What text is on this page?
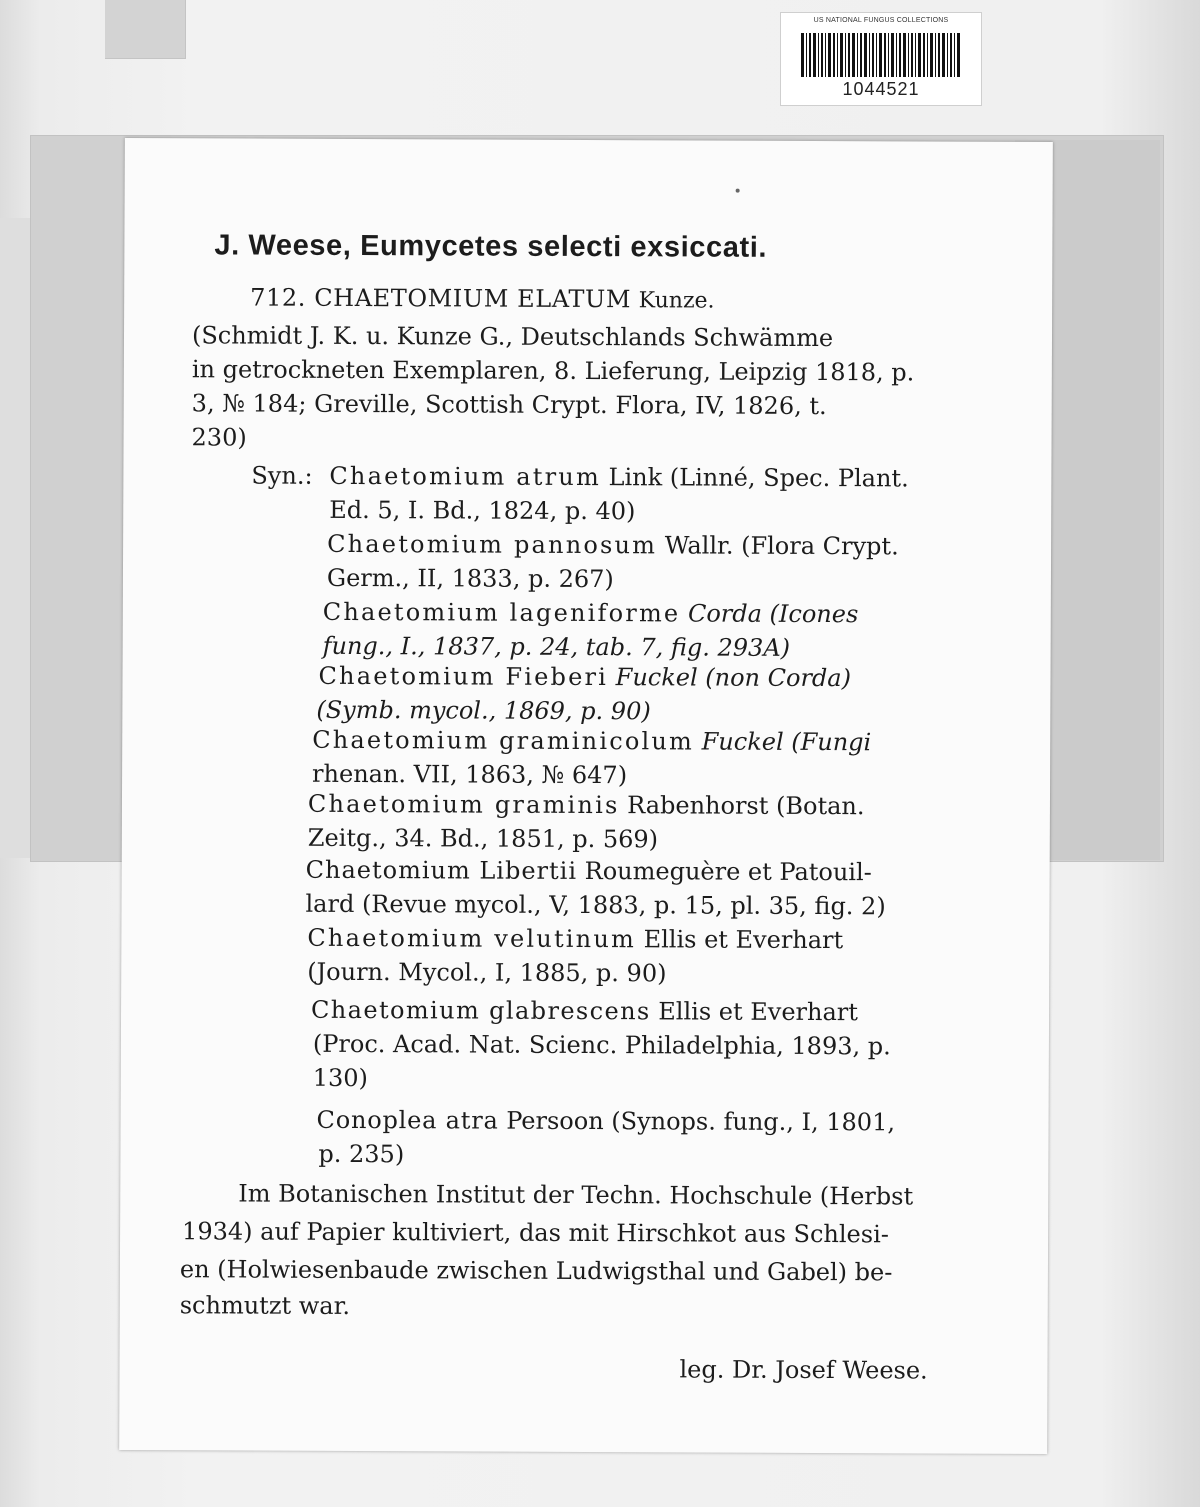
US NATIONAL FUNGUS COLLECTIONS
1044521
J. Weese, Eumycetes selecti exsiccati.
712. CHAETOMIUM ELATUM Kunze.
(Schmidt J. K. u. Kunze G., Deutschlands Schwämme
in getrockneten Exemplaren, 8. Lieferung, Leipzig 1818, p.
3, № 184; Greville, Scottish Crypt. Flora, IV, 1826, t.
230)
Syn.: Chaetomium atrum Link (Linné, Spec. Plant.
Ed. 5, I. Bd., 1824, p. 40)
Chaetomium pannosum Wallr. (Flora Crypt.
Germ., II, 1833, p. 267)
Chaetomium lageniforme Corda (Icones
fung., I., 1837, p. 24, tab. 7, fig. 293A)
Chaetomium Fieberi Fuckel (non Corda)
(Symb. mycol., 1869, p. 90)
Chaetomium graminicolum Fuckel (Fungi
rhenan. VII, 1863, № 647)
Chaetomium graminis Rabenhorst (Botan.
Zeitg., 34. Bd., 1851, p. 569)
Chaetomium Libertii Roumeguère et Patouil-
lard (Revue mycol., V, 1883, p. 15, pl. 35, fig. 2)
Chaetomium velutinum Ellis et Everhart
(Journ. Mycol., I, 1885, p. 90)
Chaetomium glabrescens Ellis et Everhart
(Proc. Acad. Nat. Scienc. Philadelphia, 1893, p.
130)
Conoplea atra Persoon (Synops. fung., I, 1801,
p. 235)
Im Botanischen Institut der Techn. Hochschule (Herbst
1934) auf Papier kultiviert, das mit Hirschkot aus Schlesi-
en (Holwiesenbaude zwischen Ludwigsthal und Gabel) be-
schmutzt war.
leg. Dr. Josef Weese.
